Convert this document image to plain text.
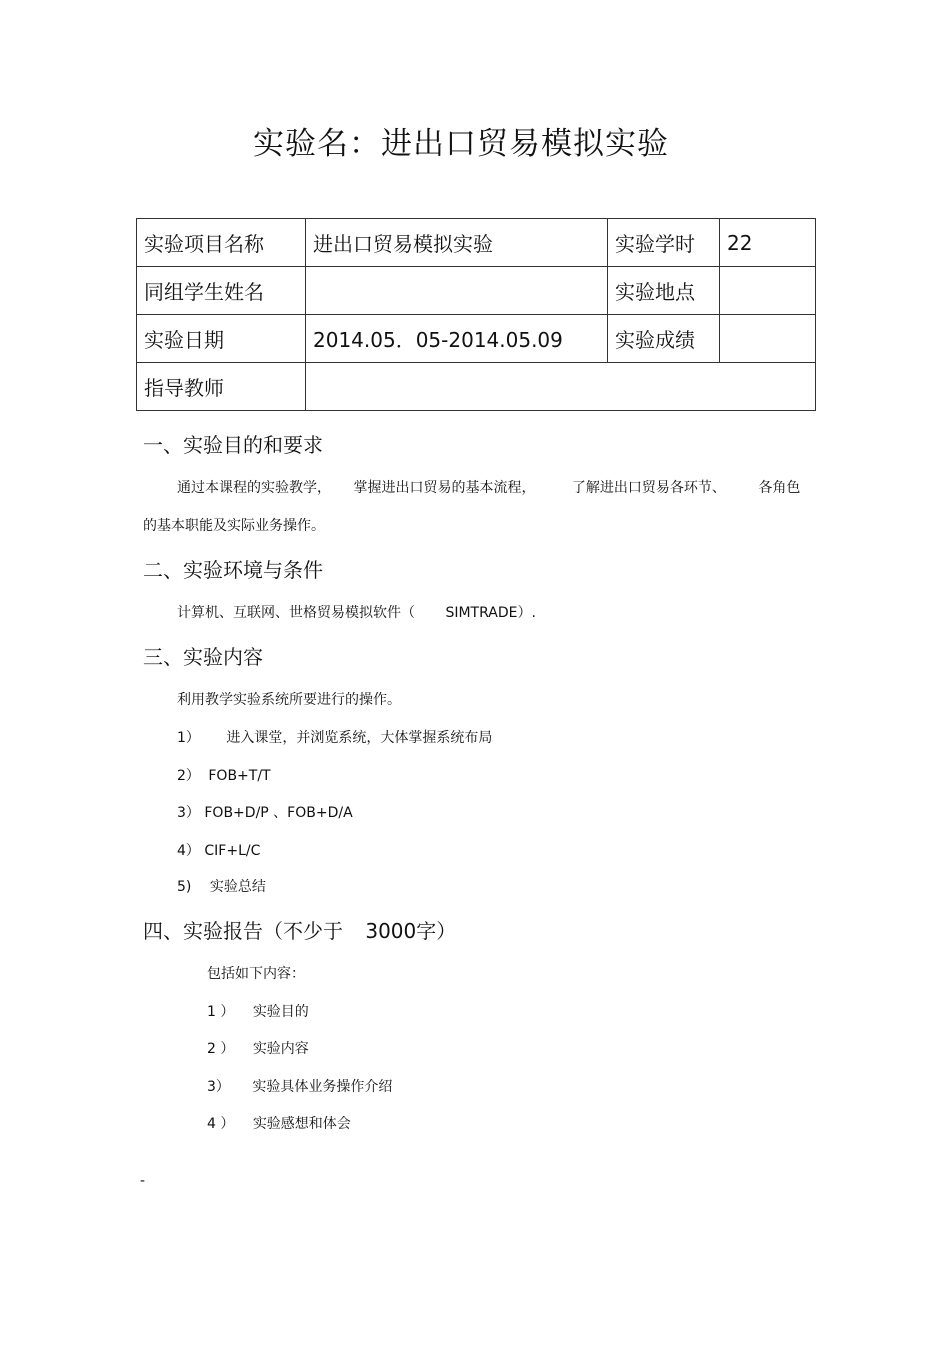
实验名：进出口贸易模拟实验
实验项目名称	进出口贸易模拟实验	实验学时	22
同组学生姓名		实验地点	
实验日期	2014.05．05-2014.05.09	实验成绩	
指导教师			
一、实验目的和要求
通过本课程的实验教学， 掌握进出口贸易的基本流程，	了解进出口贸易各环节、 各角色
的基本职能及实际业务操作。
二、实验环境与条件
计算机、互联网、世格贸易模拟软件（ SIMTRADE）.
三、实验内容
利用教学实验系统所要进行的操作。
1） 进入课堂，并浏览系统，大体掌握系统布局
2） FOB+T/T
3） FOB+D/P 、FOB+D/A
4） CIF+L/C
5) 实验总结
四、实验报告（不少于 3000字）
包括如下内容：
1 ） 实验目的
2 ） 实验内容
3） 实验具体业务操作介绍
4 ） 实验感想和体会
-
